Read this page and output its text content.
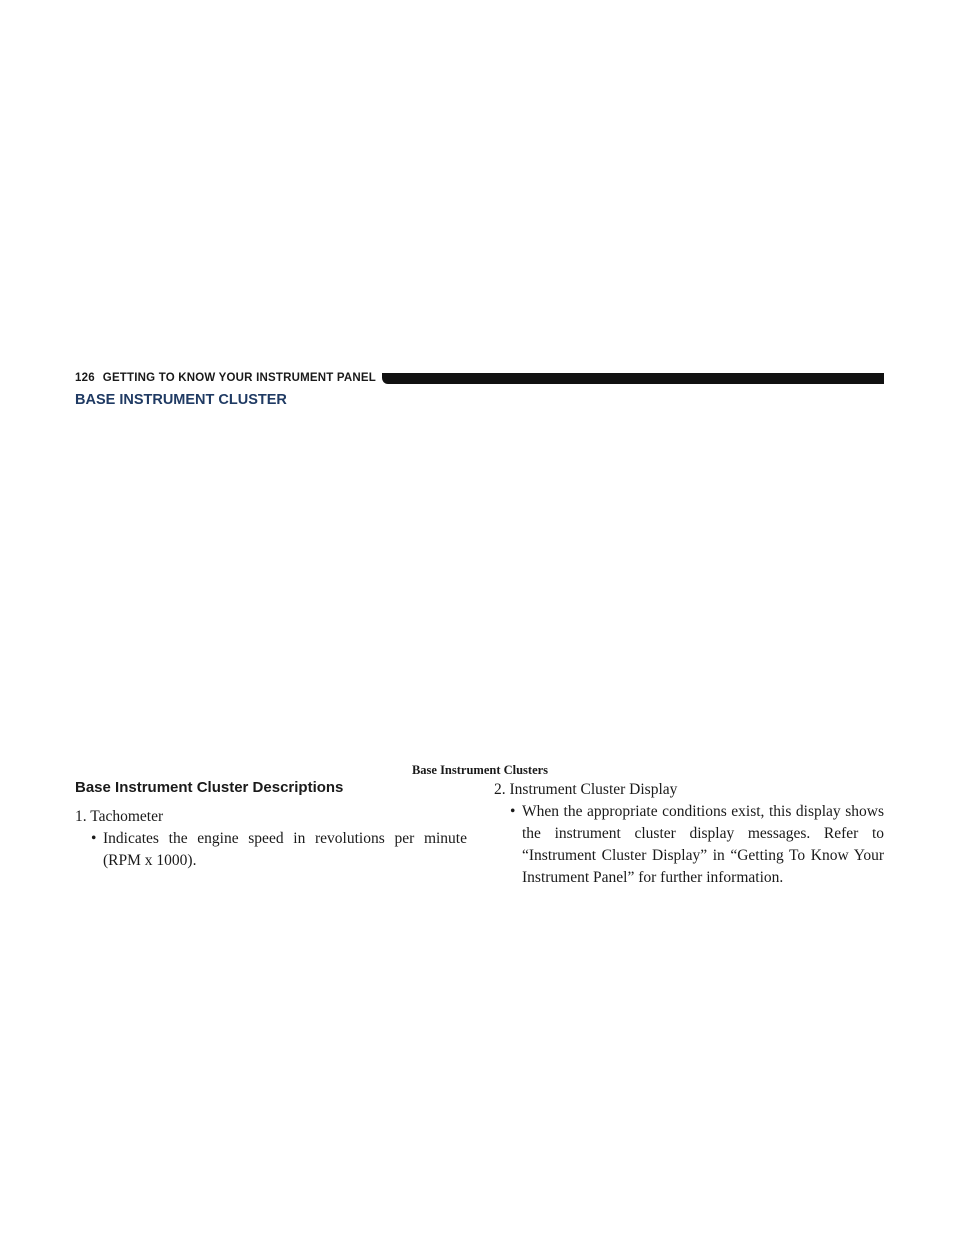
126 GETTING TO KNOW YOUR INSTRUMENT PANEL
BASE INSTRUMENT CLUSTER
Base Instrument Clusters
Base Instrument Cluster Descriptions
1. Tachometer
• Indicates the engine speed in revolutions per minute (RPM x 1000).

2. Instrument Cluster Display
• When the appropriate conditions exist, this display shows the instrument cluster display messages. Refer to “Instrument Cluster Display” in “Getting To Know Your Instrument Panel” for further information.
